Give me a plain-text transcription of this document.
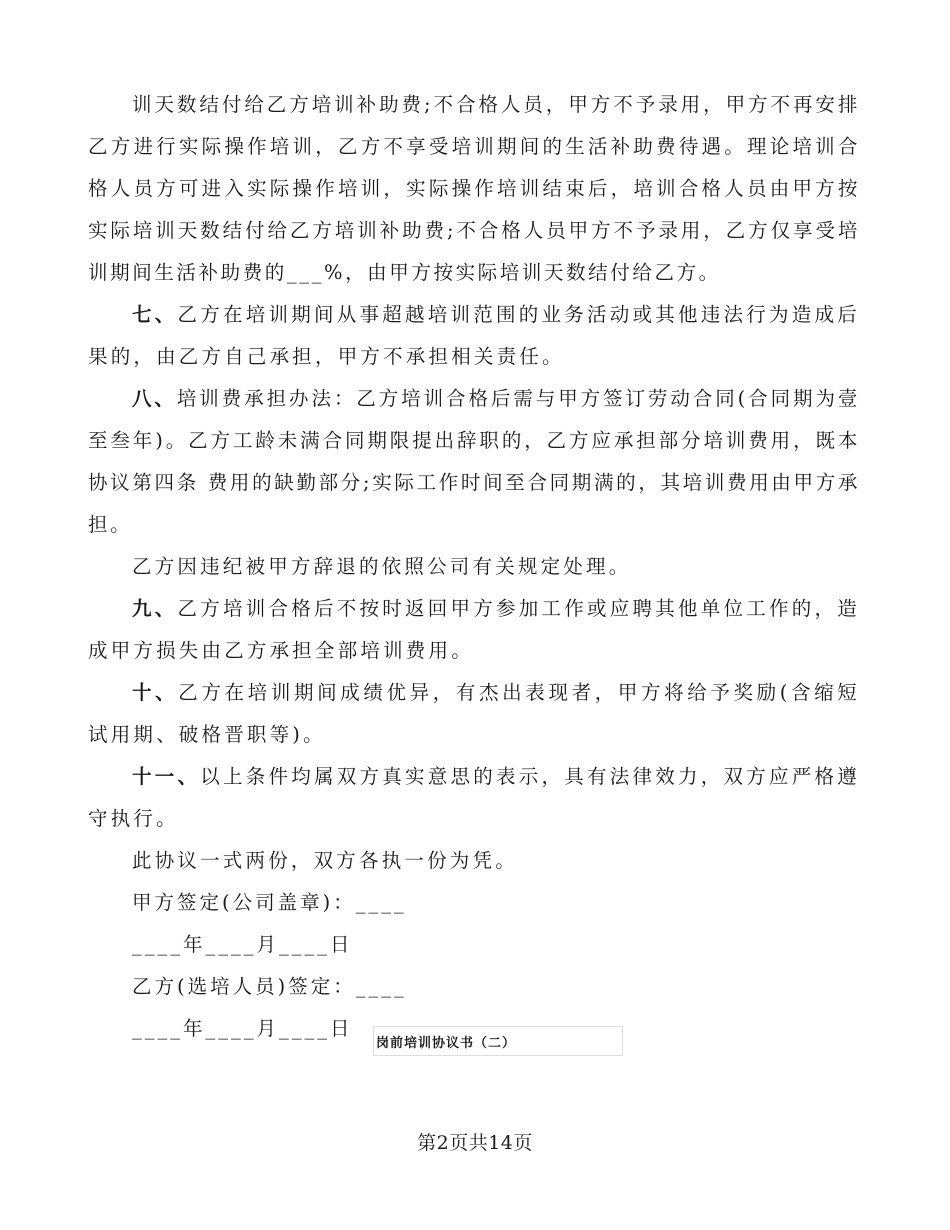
训天数结付给乙方培训补助费;不合格人员，甲方不予录用，甲方不再安排乙方进行实际操作培训，乙方不享受培训期间的生活补助费待遇。理论培训合格人员方可进入实际操作培训，实际操作培训结束后，培训合格人员由甲方按实际培训天数结付给乙方培训补助费;不合格人员甲方不予录用，乙方仅享受培训期间生活补助费的___%，由甲方按实际培训天数结付给乙方。

七、乙方在培训期间从事超越培训范围的业务活动或其他违法行为造成后果的，由乙方自己承担，甲方不承担相关责任。

八、培训费承担办法：乙方培训合格后需与甲方签订劳动合同(合同期为壹至叁年)。乙方工龄未满合同期限提出辞职的，乙方应承担部分培训费用，既本协议第四条 费用的缺勤部分;实际工作时间至合同期满的，其培训费用由甲方承担。

乙方因违纪被甲方辞退的依照公司有关规定处理。

九、乙方培训合格后不按时返回甲方参加工作或应聘其他单位工作的，造成甲方损失由乙方承担全部培训费用。

十、乙方在培训期间成绩优异，有杰出表现者，甲方将给予奖励(含缩短试用期、破格晋职等)。

十一、以上条件均属双方真实意思的表示，具有法律效力，双方应严格遵守执行。

此协议一式两份，双方各执一份为凭。

甲方签定(公司盖章)：____

____年____月____日

乙方(选培人员)签定：____

____年____月____日

岗前培训协议书（二）
第2页共14页
